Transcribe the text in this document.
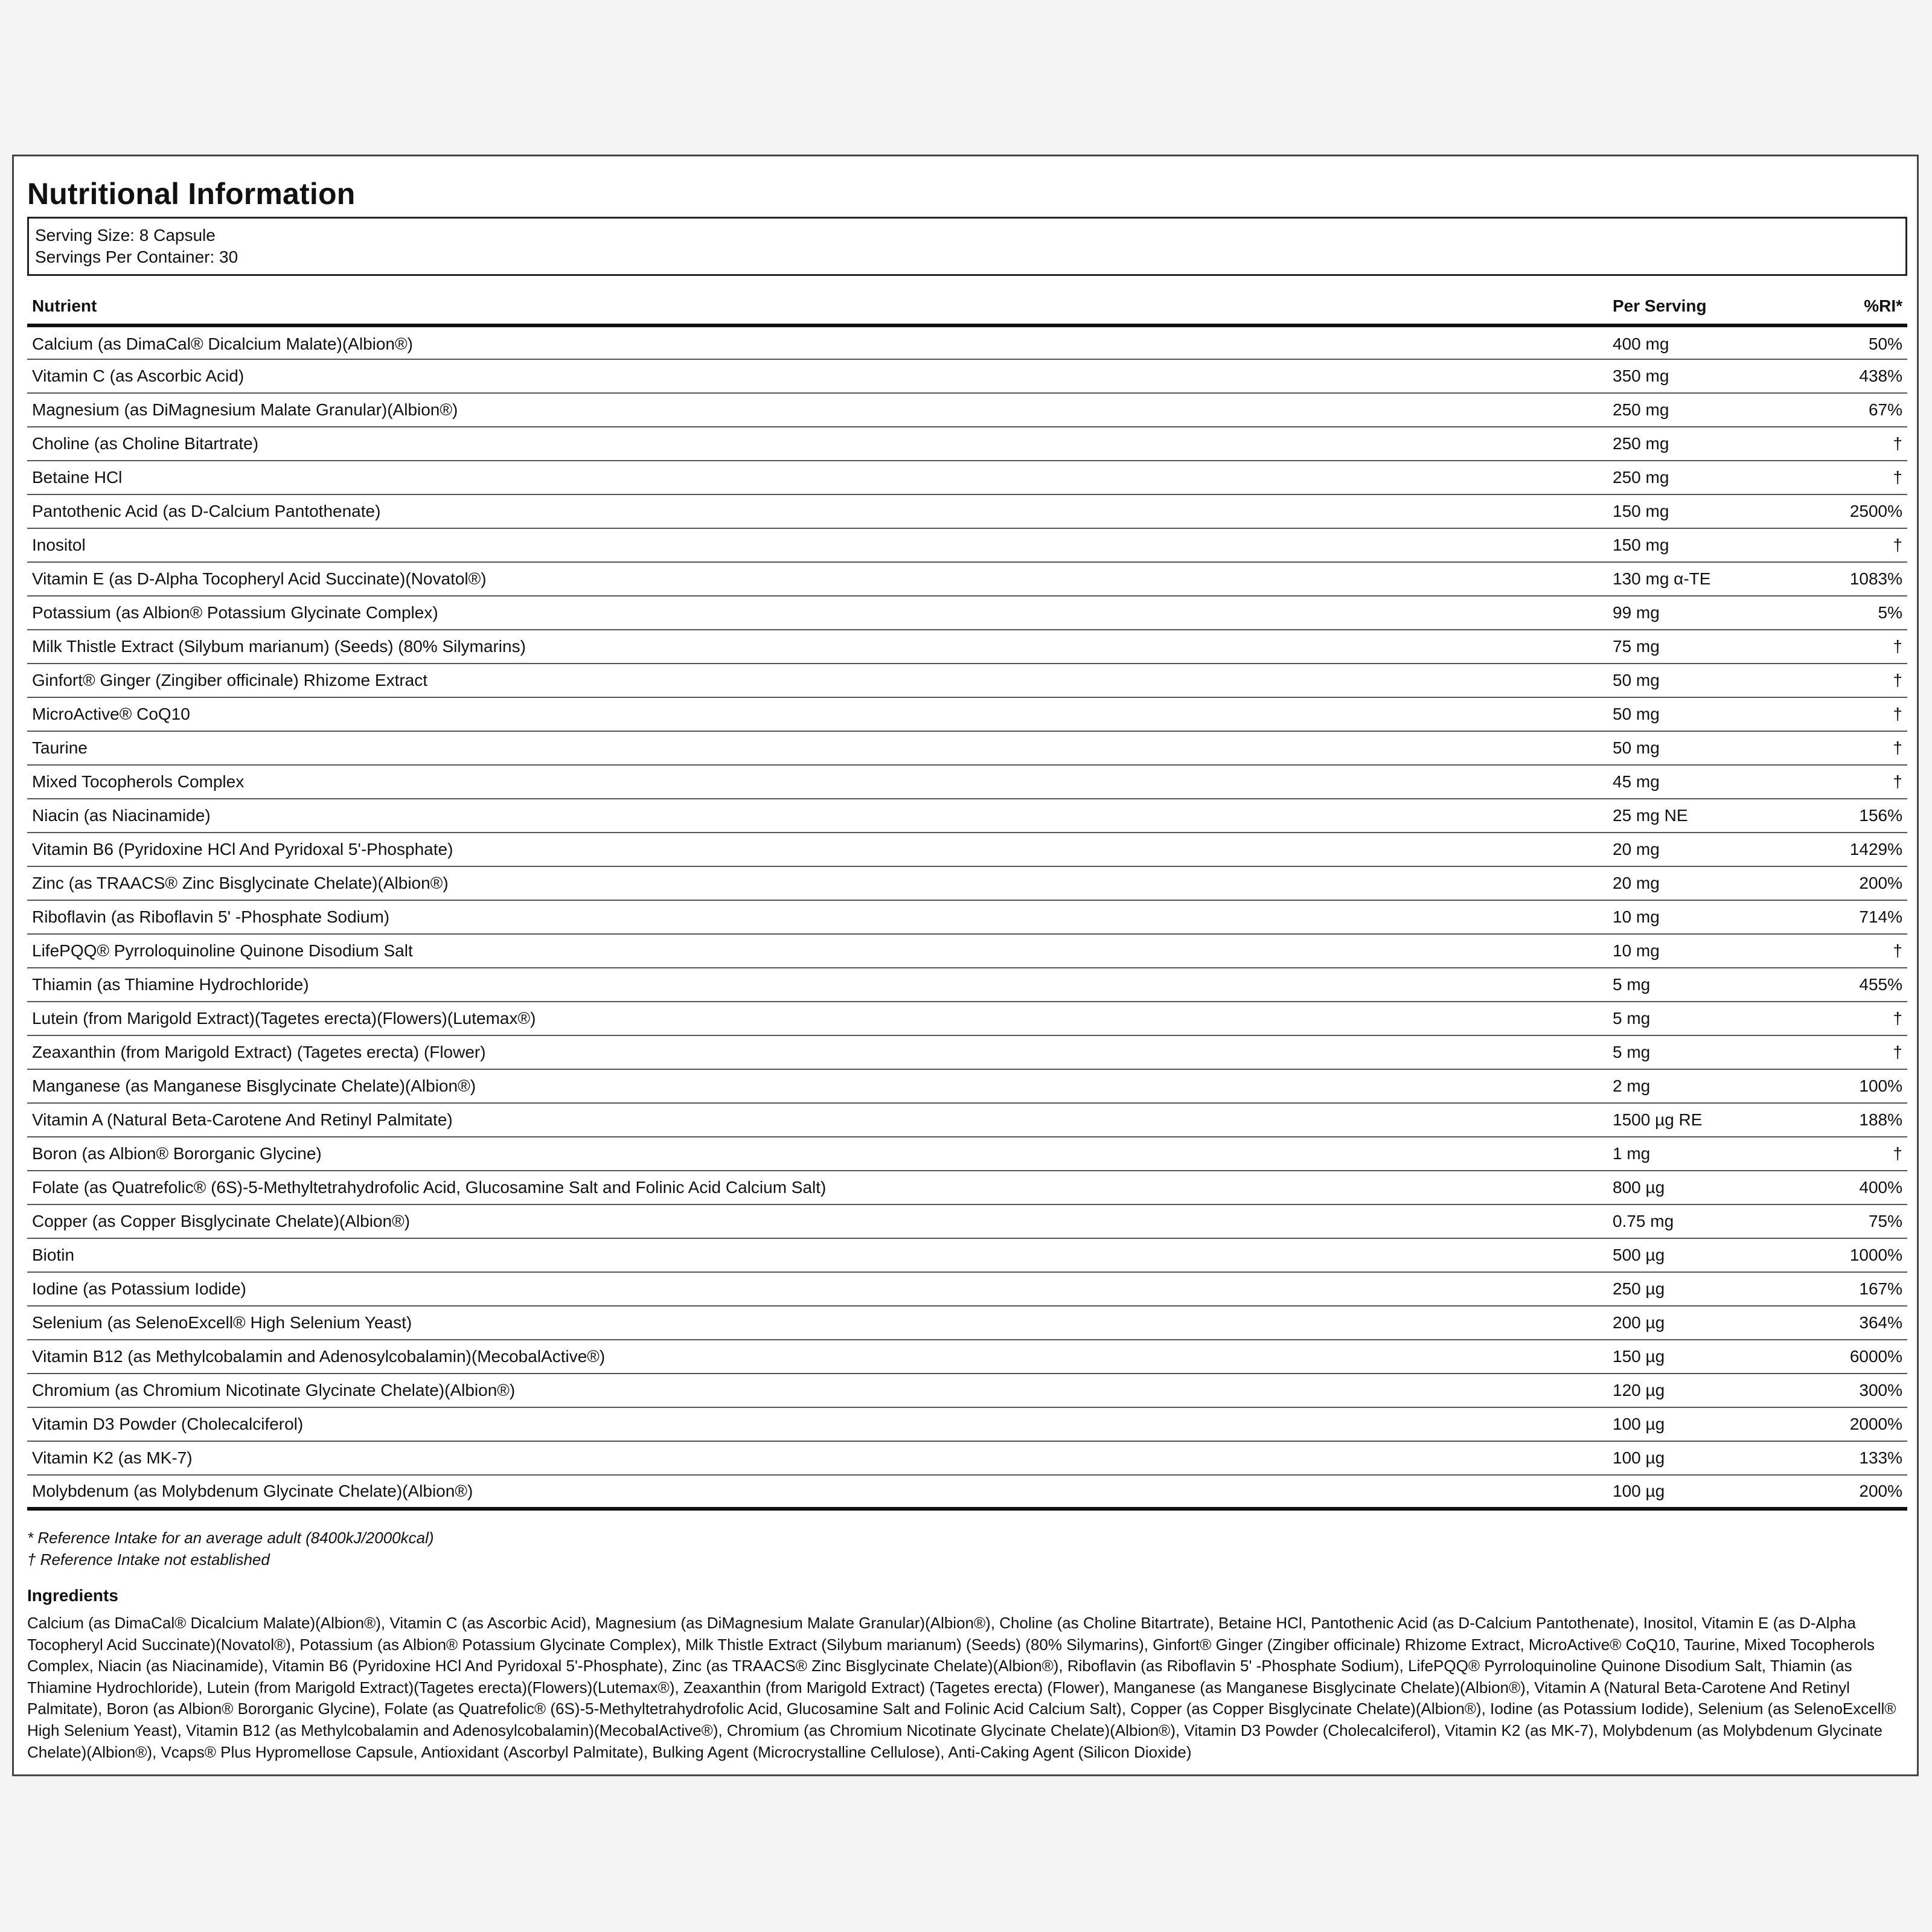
Nutritional Information
Serving Size: 8 Capsule
Servings Per Container: 30
Nutrient	Per Serving	%RI*
Calcium (as DimaCal® Dicalcium Malate)(Albion®)	400 mg	50%
Vitamin C (as Ascorbic Acid)	350 mg	438%
Magnesium (as DiMagnesium Malate Granular)(Albion®)	250 mg	67%
Choline (as Choline Bitartrate)	250 mg	†
Betaine HCl	250 mg	†
Pantothenic Acid (as D-Calcium Pantothenate)	150 mg	2500%
Inositol	150 mg	†
Vitamin E (as D-Alpha Tocopheryl Acid Succinate)(Novatol®)	130 mg α-TE	1083%
Potassium (as Albion® Potassium Glycinate Complex)	99 mg	5%
Milk Thistle Extract (Silybum marianum) (Seeds) (80% Silymarins)	75 mg	†
Ginfort® Ginger (Zingiber officinale) Rhizome Extract	50 mg	†
MicroActive® CoQ10	50 mg	†
Taurine	50 mg	†
Mixed Tocopherols Complex	45 mg	†
Niacin (as Niacinamide)	25 mg NE	156%
Vitamin B6 (Pyridoxine HCl And Pyridoxal 5'-Phosphate)	20 mg	1429%
Zinc (as TRAACS® Zinc Bisglycinate Chelate)(Albion®)	20 mg	200%
Riboflavin (as Riboflavin 5' -Phosphate Sodium)	10 mg	714%
LifePQQ® Pyrroloquinoline Quinone Disodium Salt	10 mg	†
Thiamin (as Thiamine Hydrochloride)	5 mg	455%
Lutein (from Marigold Extract)(Tagetes erecta)(Flowers)(Lutemax®)	5 mg	†
Zeaxanthin (from Marigold Extract) (Tagetes erecta) (Flower)	5 mg	†
Manganese (as Manganese Bisglycinate Chelate)(Albion®)	2 mg	100%
Vitamin A (Natural Beta-Carotene And Retinyl Palmitate)	1500 µg RE	188%
Boron (as Albion® Bororganic Glycine)	1 mg	†
Folate (as Quatrefolic® (6S)-5-Methyltetrahydrofolic Acid, Glucosamine Salt and Folinic Acid Calcium Salt)	800 µg	400%
Copper (as Copper Bisglycinate Chelate)(Albion®)	0.75 mg	75%
Biotin	500 µg	1000%
Iodine (as Potassium Iodide)	250 µg	167%
Selenium (as SelenoExcell® High Selenium Yeast)	200 µg	364%
Vitamin B12 (as Methylcobalamin and Adenosylcobalamin)(MecobalActive®)	150 µg	6000%
Chromium (as Chromium Nicotinate Glycinate Chelate)(Albion®)	120 µg	300%
Vitamin D3 Powder (Cholecalciferol)	100 µg	2000%
Vitamin K2 (as MK-7)	100 µg	133%
Molybdenum (as Molybdenum Glycinate Chelate)(Albion®)	100 µg	200%
* Reference Intake for an average adult (8400kJ/2000kcal)
† Reference Intake not established
Ingredients
Calcium (as DimaCal® Dicalcium Malate)(Albion®), Vitamin C (as Ascorbic Acid), Magnesium (as DiMagnesium Malate Granular)(Albion®), Choline (as Choline Bitartrate), Betaine HCl, Pantothenic Acid (as D-Calcium Pantothenate), Inositol, Vitamin E (as D-Alpha Tocopheryl Acid Succinate)(Novatol®), Potassium (as Albion® Potassium Glycinate Complex), Milk Thistle Extract (Silybum marianum) (Seeds) (80% Silymarins), Ginfort® Ginger (Zingiber officinale) Rhizome Extract, MicroActive® CoQ10, Taurine, Mixed Tocopherols Complex, Niacin (as Niacinamide), Vitamin B6 (Pyridoxine HCl And Pyridoxal 5'-Phosphate), Zinc (as TRAACS® Zinc Bisglycinate Chelate)(Albion®), Riboflavin (as Riboflavin 5' -Phosphate Sodium), LifePQQ® Pyrroloquinoline Quinone Disodium Salt, Thiamin (as Thiamine Hydrochloride), Lutein (from Marigold Extract)(Tagetes erecta)(Flowers)(Lutemax®), Zeaxanthin (from Marigold Extract) (Tagetes erecta) (Flower), Manganese (as Manganese Bisglycinate Chelate)(Albion®), Vitamin A (Natural Beta-Carotene And Retinyl Palmitate), Boron (as Albion® Bororganic Glycine), Folate (as Quatrefolic® (6S)-5-Methyltetrahydrofolic Acid, Glucosamine Salt and Folinic Acid Calcium Salt), Copper (as Copper Bisglycinate Chelate)(Albion®), Iodine (as Potassium Iodide), Selenium (as SelenoExcell® High Selenium Yeast), Vitamin B12 (as Methylcobalamin and Adenosylcobalamin)(MecobalActive®), Chromium (as Chromium Nicotinate Glycinate Chelate)(Albion®), Vitamin D3 Powder (Cholecalciferol), Vitamin K2 (as MK-7), Molybdenum (as Molybdenum Glycinate Chelate)(Albion®), Vcaps® Plus Hypromellose Capsule, Antioxidant (Ascorbyl Palmitate), Bulking Agent (Microcrystalline Cellulose), Anti-Caking Agent (Silicon Dioxide)
